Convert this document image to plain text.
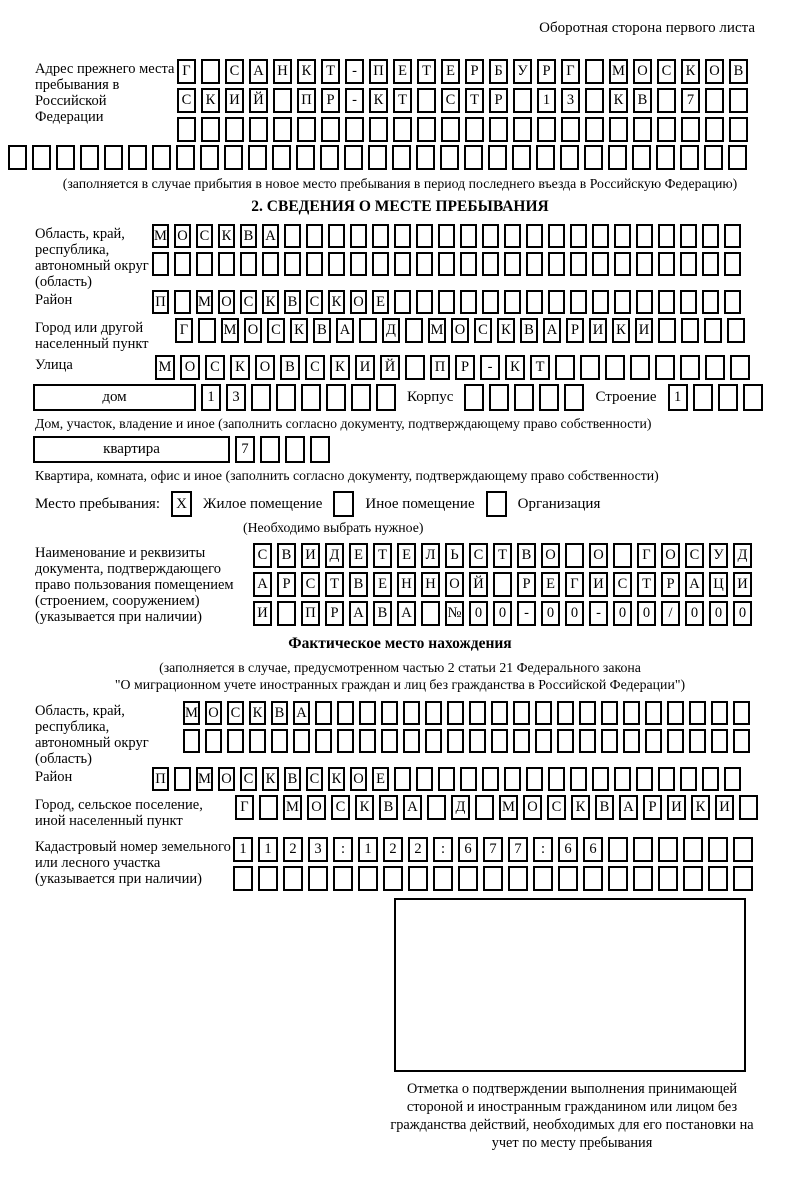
Оборотная сторона первого листа
Адрес прежнего места пребывания в Российской Федерации
Г	С А Н К	Т	-	П Е	Т	Е	Р	Б	У	Р	Г	М О С К О В
С К И Й	П	Р	-	К	Т	С	Т	Р	1	3	К В	7
(заполняется в случае прибытия в новое место пребывания в период последнего въезда в Российскую Федерацию)
2. СВЕДЕНИЯ О МЕСТЕ ПРЕБЫВАНИЯ
Область, край, республика, автономный округ (область)
М О С К В А
Район	П М О С К В С К О Е
Город или другой населенный пункт
Г	М О С К В А Д М О С К В А Р И К И
Улица	М О	С	К	О	В	С	К	И	Й	П	Р	-	К	Т
дом	1	3	Корпус	Строение	1
Дом, участок, владение и иное (заполнить согласно документу, подтверждающему право собственности)
квартира	7
Квартира, комната, офис и иное (заполнить согласно документу, подтверждающему право собственности)
Место пребывания:	X	Жилое помещение	Иное помещение	Организация
(Необходимо выбрать нужное)
Наименование и реквизиты документа, подтверждающего право пользования помещением (строением, сооружением) (указывается при наличии)
С В И Д	Е	Т	Е	Л	Ь	С	Т	В О	О	Г	О С У Д
А	Р	С	Т	В	Е Н Н О Й	Р	Е	Г	И С	Т	Р	А Ц И
И	П	Р	А В А № 0	0	-	0	0	-	0	0	/	0	0	0
Фактическое место нахождения
(заполняется в случае, предусмотренном частью 2 статьи 21 Федерального закона
"О миграционном учете иностранных граждан и лиц без гражданства в Российской Федерации")
Область, край, республика, автономный округ (область)
М О С К В А
Район	П М О С К В С К О Е
Город, сельское поселение, иной населенный пункт
Г	М О С К В А	Д	М О С К В А	Р	И К И
Кадастровый номер земельного или лесного участка (указывается при наличии)
1	1	2	3	:	1	2	2	:	6	7	7	:	6	6
Отметка о подтверждении выполнения принимающей стороной и иностранным гражданином или лицом без гражданства действий, необходимых для его постановки на учет по месту пребывания
